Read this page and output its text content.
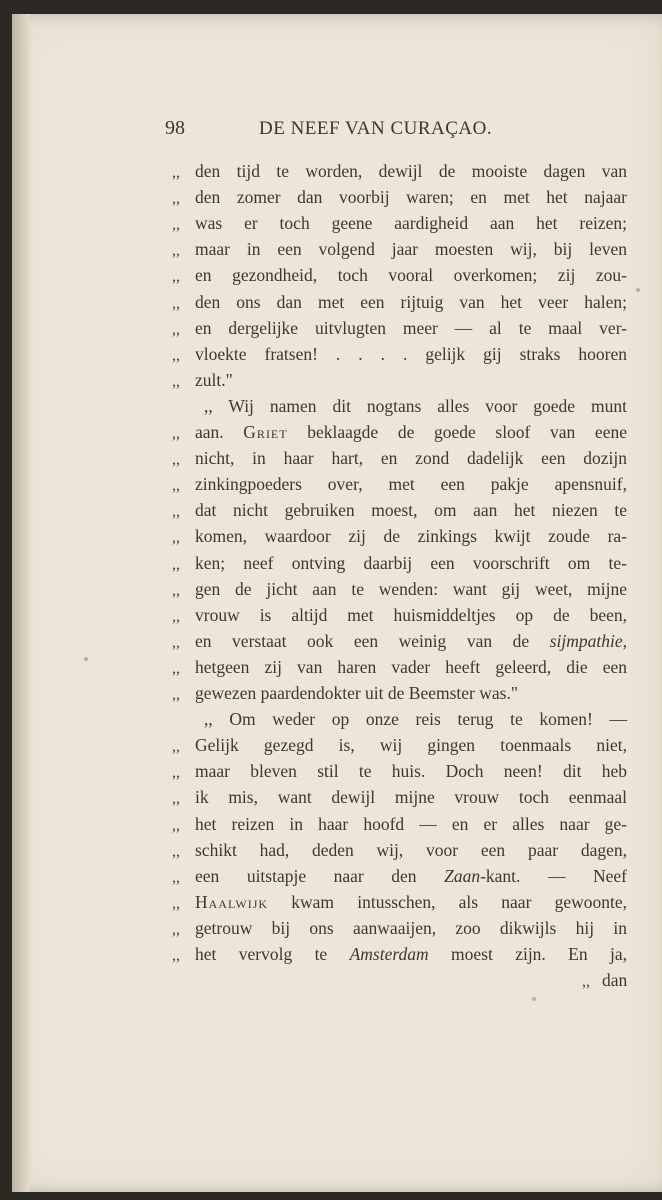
98	DE NEEF VAN CURAÇAO.
,, den tijd te worden, dewijl de mooiste dagen van
,, den zomer dan voorbij waren; en met het najaar
,, was er toch geene aardigheid aan het reizen;
,, maar in een volgend jaar moesten wij, bij leven
,, en gezondheid, toch vooral overkomen; zij zou-
,, den ons dan met een rijtuig van het veer halen;
,, en dergelijke uitvlugten meer — al te maal ver-
,, vloekte fratsen! . . . . gelijk gij straks hooren
,, zult."
,, Wij namen dit nogtans alles voor goede munt
,, aan. Griet beklaagde de goede sloof van eene
,, nicht, in haar hart, en zond dadelijk een dozijn
,, zinkingpoeders over, met een pakje apensnuif,
,, dat nicht gebruiken moest, om aan het niezen te
,, komen, waardoor zij de zinkings kwijt zoude ra-
,, ken; neef ontving daarbij een voorschrift om te-
,, gen de jicht aan te wenden: want gij weet, mijne
,, vrouw is altijd met huismiddeltjes op de been,
,, en verstaat ook een weinig van de sijmpathie,
,, hetgeen zij van haren vader heeft geleerd, die een
,, gewezen paardendokter uit de Beemster was."
,, Om weder op onze reis terug te komen! —
,, Gelijk gezegd is, wij gingen toenmaals niet,
,, maar bleven stil te huis. Doch neen! dit heb
,, ik mis, want dewijl mijne vrouw toch eenmaal
,, het reizen in haar hoofd — en er alles naar ge-
,, schikt had, deden wij, voor een paar dagen,
,, een uitstapje naar den Zaan-kant. — Neef
,, Haalwijk kwam intusschen, als naar gewoonte,
,, getrouw bij ons aanwaaijen, zoo dikwijls hij in
,, het vervolg te Amsterdam moest zijn. En ja,
,, dan
